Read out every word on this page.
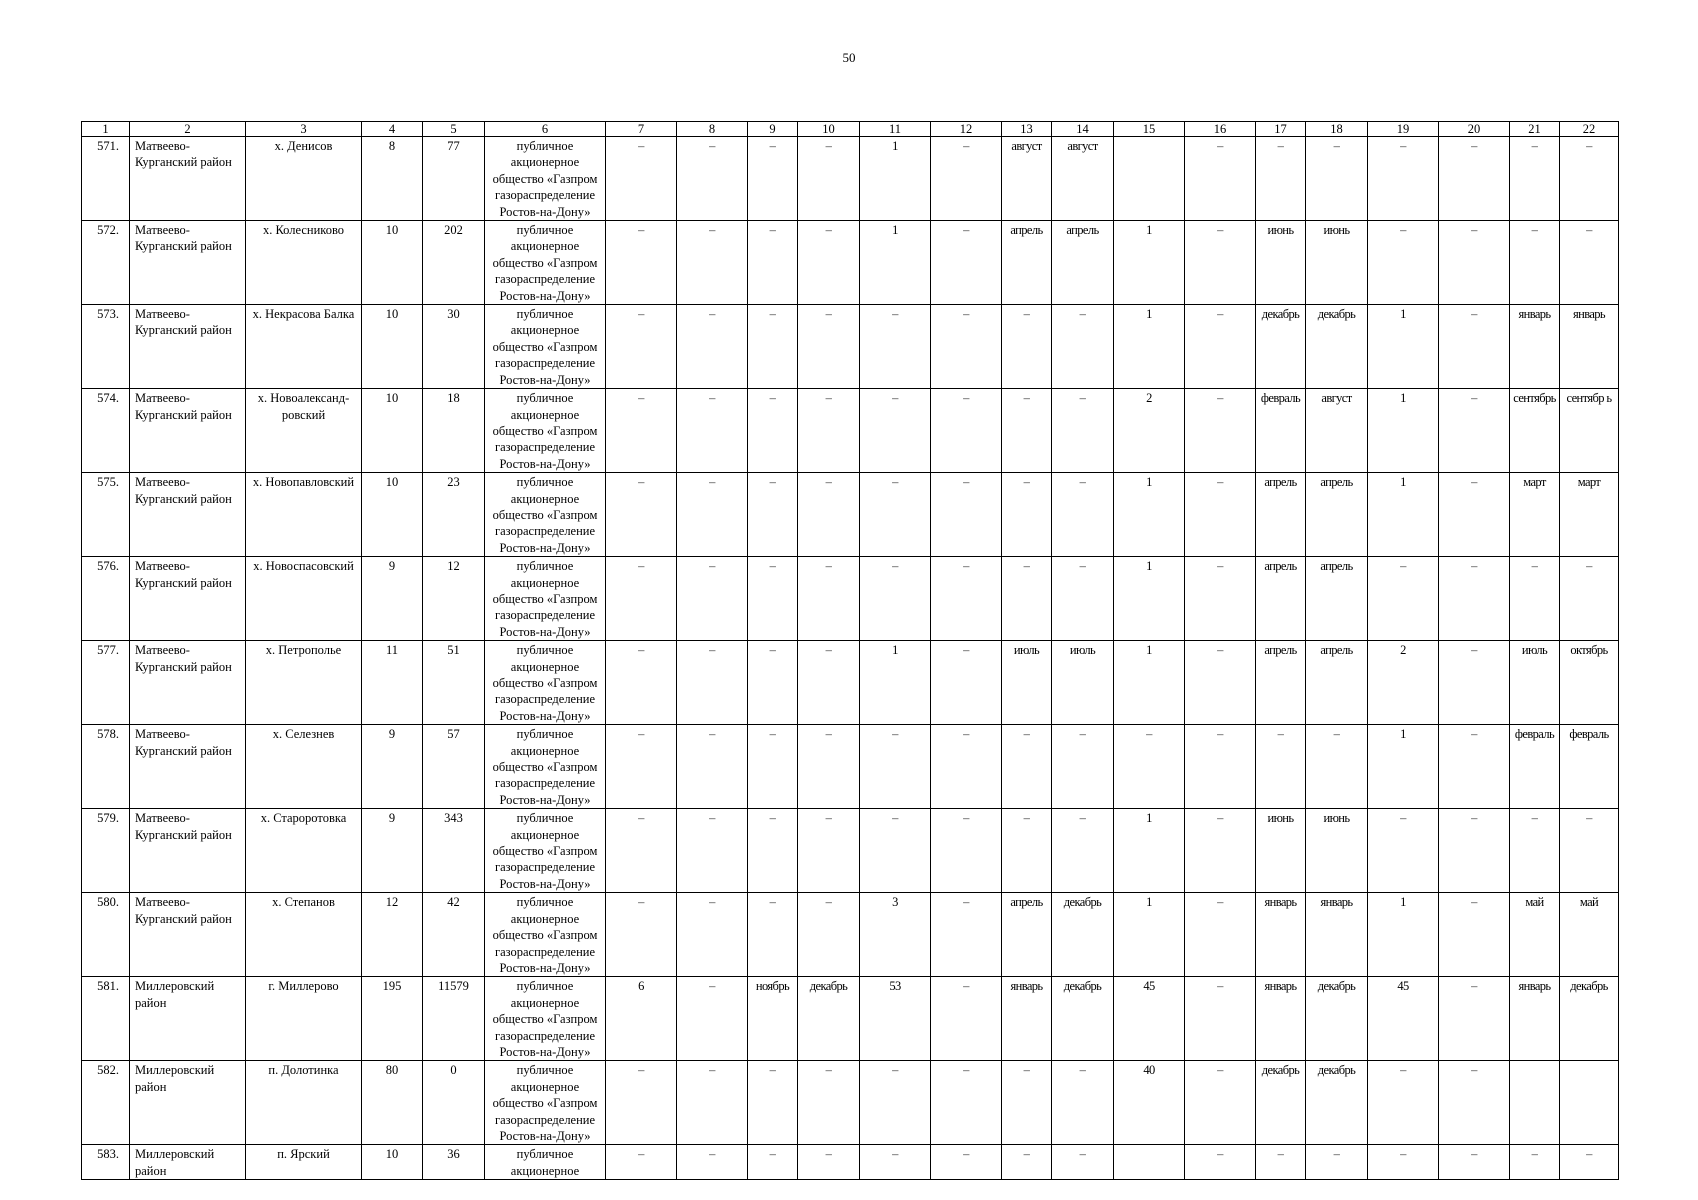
50
1	2	3	4	5	6	7	8	9	10	11	12	13	14	15	16	17	18	19	20	21	22
571.	Матвеево-Курганский район	х. Денисов	8	77	публичное акционерное общество «Газпром газораспределение Ростов-на-Дону»	–	–	–	–	1	–	август	август		–	–	–	–	–	–	–
572.	Матвеево-Курганский район	х. Колесниково	10	202	публичное акционерное общество «Газпром газораспределение Ростов-на-Дону»	–	–	–	–	1	–	апрель	апрель	1	–	июнь	июнь	–	–	–	–
573.	Матвеево-Курганский район	х. Некрасова Балка	10	30	публичное акционерное общество «Газпром газораспределение Ростов-на-Дону»	–	–	–	–	–	–	–	–	1	–	декабрь	декабрь	1	–	январь	январь
574.	Матвеево-Курганский район	х. Новоалександ-ровский	10	18	публичное акционерное общество «Газпром газораспределение Ростов-на-Дону»	–	–	–	–	–	–	–	–	2	–	февраль	август	1	–	сентябрь	сентябр ь
575.	Матвеево-Курганский район	х. Новопавловский	10	23	публичное акционерное общество «Газпром газораспределение Ростов-на-Дону»	–	–	–	–	–	–	–	–	1	–	апрель	апрель	1	–	март	март
576.	Матвеево-Курганский район	х. Новоспасовский	9	12	публичное акционерное общество «Газпром газораспределение Ростов-на-Дону»	–	–	–	–	–	–	–	–	1	–	апрель	апрель	–	–	–	–
577.	Матвеево-Курганский район	х. Петрополье	11	51	публичное акционерное общество «Газпром газораспределение Ростов-на-Дону»	–	–	–	–	1	–	июль	июль	1	–	апрель	апрель	2	–	июль	октябрь
578.	Матвеево-Курганский район	х. Селезнев	9	57	публичное акционерное общество «Газпром газораспределение Ростов-на-Дону»	–	–	–	–	–	–	–	–	–	–	–	–	1	–	февраль	февраль
579.	Матвеево-Курганский район	х. Староротовка	9	343	публичное акционерное общество «Газпром газораспределение Ростов-на-Дону»	–	–	–	–	–	–	–	–	1	–	июнь	июнь	–	–	–	–
580.	Матвеево-Курганский район	х. Степанов	12	42	публичное акционерное общество «Газпром газораспределение Ростов-на-Дону»	–	–	–	–	3	–	апрель	декабрь	1	–	январь	январь	1	–	май	май
581.	Миллеровский район	г. Миллерово	195	11579	публичное акционерное общество «Газпром газораспределение Ростов-на-Дону»	6	–	ноябрь	декабрь	53	–	январь	декабрь	45	–	январь	декабрь	45	–	январь	декабрь
582.	Миллеровский район	п. Долотинка	80	0	публичное акционерное общество «Газпром газораспределение Ростов-на-Дону»	–	–	–	–	–	–	–	–	40	–	декабрь	декабрь	–	–		
583.	Миллеровский район	п. Ярский	10	36	публичное акционерное	–	–	–	–	–	–	–	–		–	–	–	–	–	–	–
